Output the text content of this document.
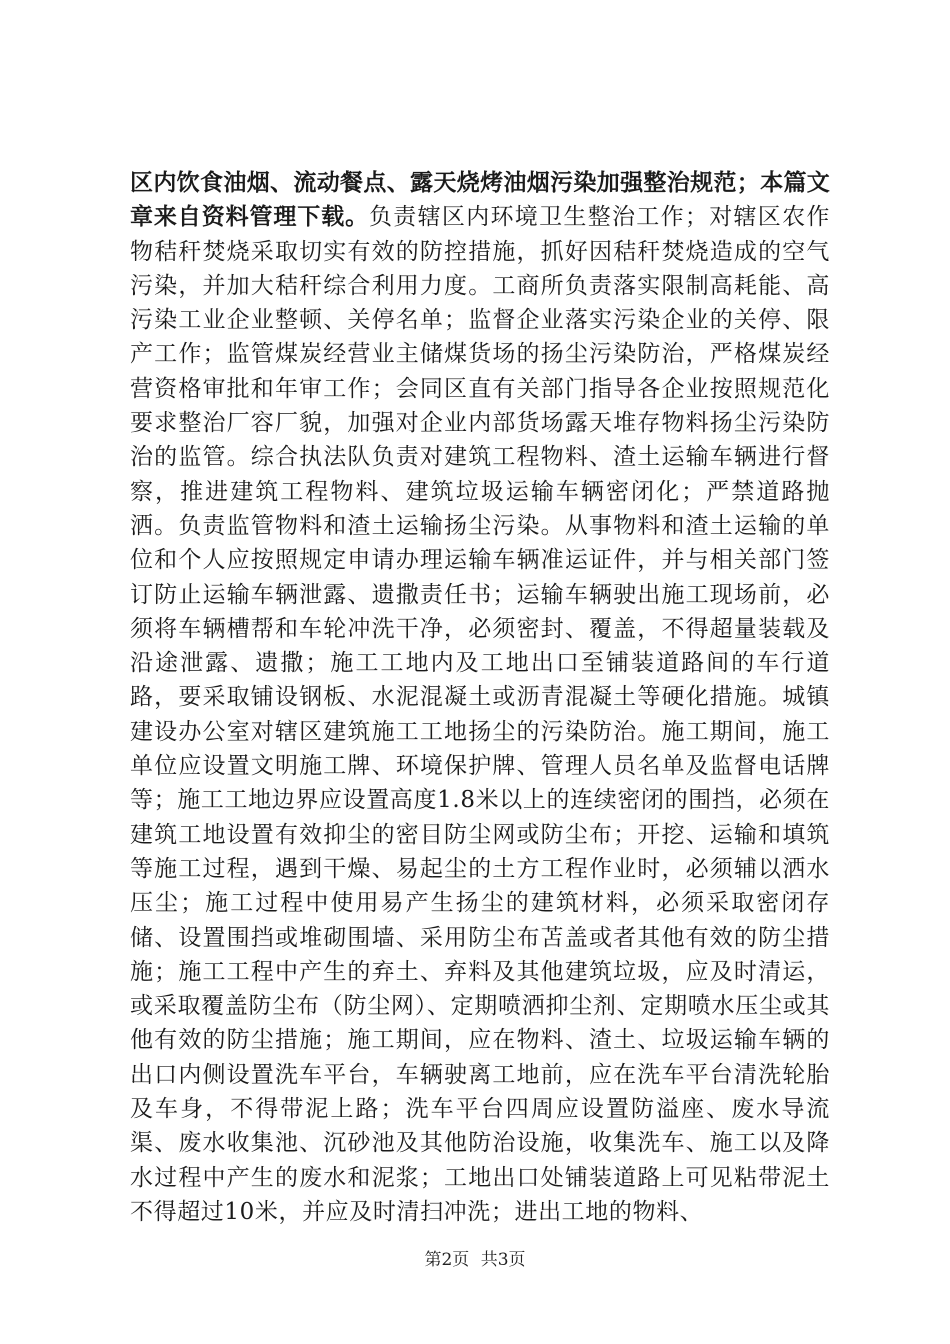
区内饮食油烟、流动餐点、露天烧烤油烟污染加强整治规范；本篇文章来自资料管理下载。负责辖区内环境卫生整治工作；对辖区农作物秸秆焚烧采取切实有效的防控措施，抓好因秸秆焚烧造成的空气污染，并加大秸秆综合利用力度。工商所负责落实限制高耗能、高污染工业企业整顿、关停名单；监督企业落实污染企业的关停、限产工作；监管煤炭经营业主储煤货场的扬尘污染防治，严格煤炭经营资格审批和年审工作；会同区直有关部门指导各企业按照规范化要求整治厂容厂貌，加强对企业内部货场露天堆存物料扬尘污染防治的监管。综合执法队负责对建筑工程物料、渣土运输车辆进行督察，推进建筑工程物料、建筑垃圾运输车辆密闭化；严禁道路抛洒。负责监管物料和渣土运输扬尘污染。从事物料和渣土运输的单位和个人应按照规定申请办理运输车辆准运证件，并与相关部门签订防止运输车辆泄露、遗撒责任书；运输车辆驶出施工现场前，必须将车辆槽帮和车轮冲洗干净，必须密封、覆盖，不得超量装载及沿途泄露、遗撒；施工工地内及工地出口至铺装道路间的车行道路，要采取铺设钢板、水泥混凝土或沥青混凝土等硬化措施。城镇建设办公室对辖区建筑施工工地扬尘的污染防治。施工期间，施工单位应设置文明施工牌、环境保护牌、管理人员名单及监督电话牌等；施工工地边界应设置高度1.8米以上的连续密闭的围挡，必须在建筑工地设置有效抑尘的密目防尘网或防尘布；开挖、运输和填筑等施工过程，遇到干燥、易起尘的土方工程作业时，必须辅以洒水压尘；施工过程中使用易产生扬尘的建筑材料，必须采取密闭存储、设置围挡或堆砌围墙、采用防尘布苫盖或者其他有效的防尘措施；施工工程中产生的弃土、弃料及其他建筑垃圾，应及时清运，或采取覆盖防尘布（防尘网）、定期喷洒抑尘剂、定期喷水压尘或其他有效的防尘措施；施工期间，应在物料、渣土、垃圾运输车辆的出口内侧设置洗车平台，车辆驶离工地前，应在洗车平台清洗轮胎及车身，不得带泥上路；洗车平台四周应设置防溢座、废水导流渠、废水收集池、沉砂池及其他防治设施，收集洗车、施工以及降水过程中产生的废水和泥浆；工地出口处铺装道路上可见粘带泥土不得超过10米，并应及时清扫冲洗；进出工地的物料、

第2页 共3页
